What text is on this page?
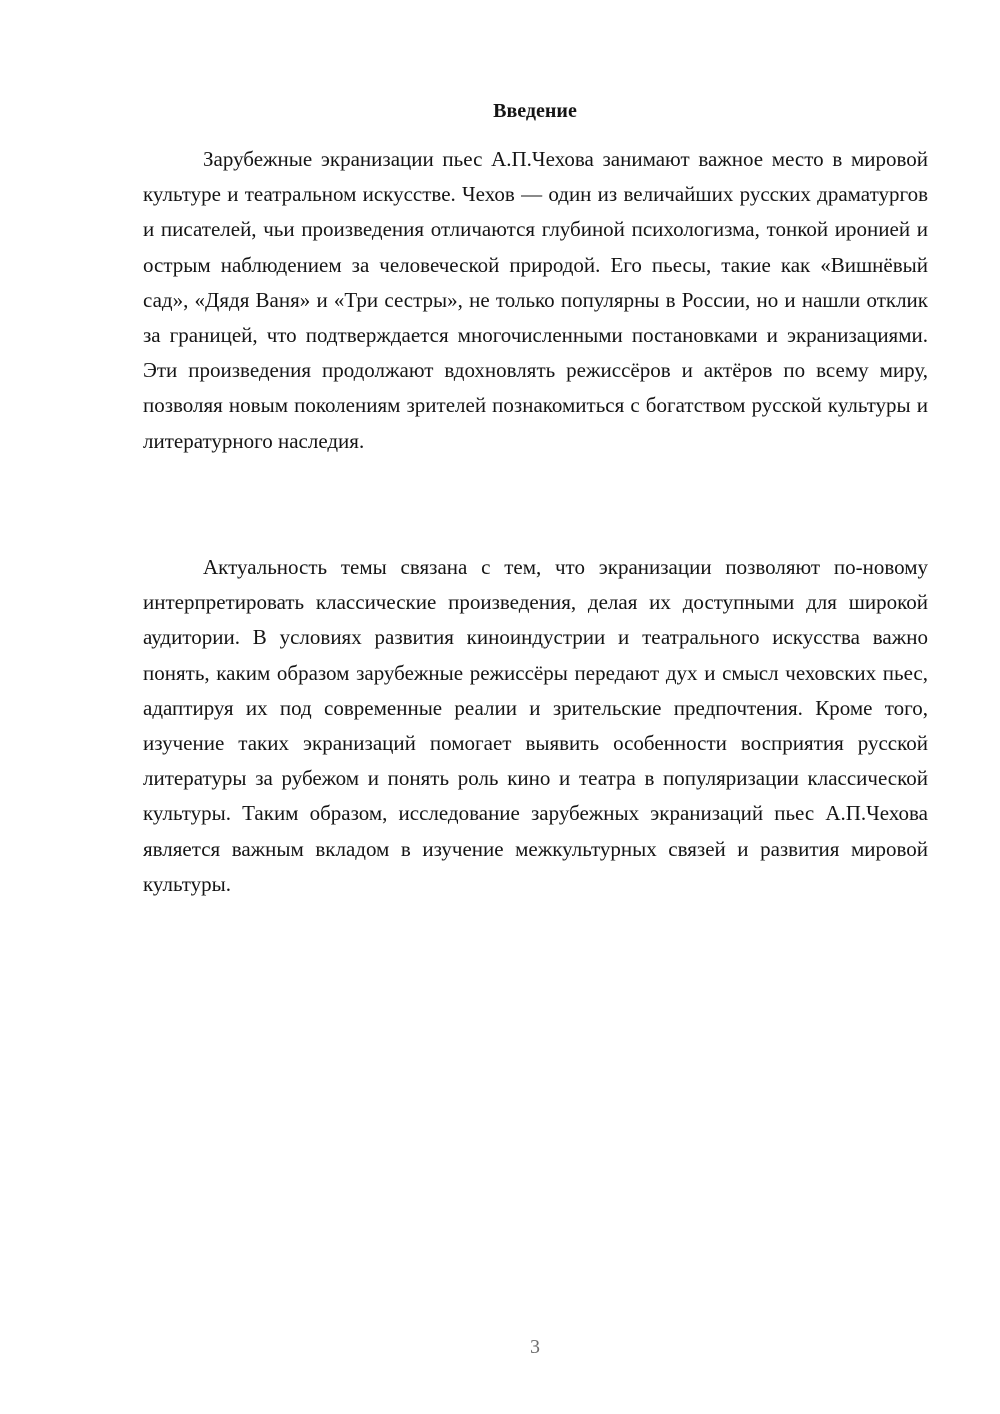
Введение

Зарубежные экранизации пьес А.П.Чехова занимают важное место в мировой культуре и театральном искусстве. Чехов — один из величайших русских драматургов и писателей, чьи произведения отличаются глубиной психологизма, тонкой иронией и острым наблюдением за человеческой природой. Его пьесы, такие как «Вишнёвый сад», «Дядя Ваня» и «Три сестры», не только популярны в России, но и нашли отклик за границей, что подтверждается многочисленными постановками и экранизациями. Эти произведения продолжают вдохновлять режиссёров и актёров по всему миру, позволяя новым поколениям зрителей познакомиться с богатством русской культуры и литературного наследия.

Актуальность темы связана с тем, что экранизации позволяют по-новому интерпретировать классические произведения, делая их доступными для широкой аудитории. В условиях развития киноиндустрии и театрального искусства важно понять, каким образом зарубежные режиссёры передают дух и смысл чеховских пьес, адаптируя их под современные реалии и зрительские предпочтения. Кроме того, изучение таких экранизаций помогает выявить особенности восприятия русской литературы за рубежом и понять роль кино и театра в популяризации классической культуры. Таким образом, исследование зарубежных экранизаций пьес А.П.Чехова является важным вкладом в изучение межкультурных связей и развития мировой культуры.

3
